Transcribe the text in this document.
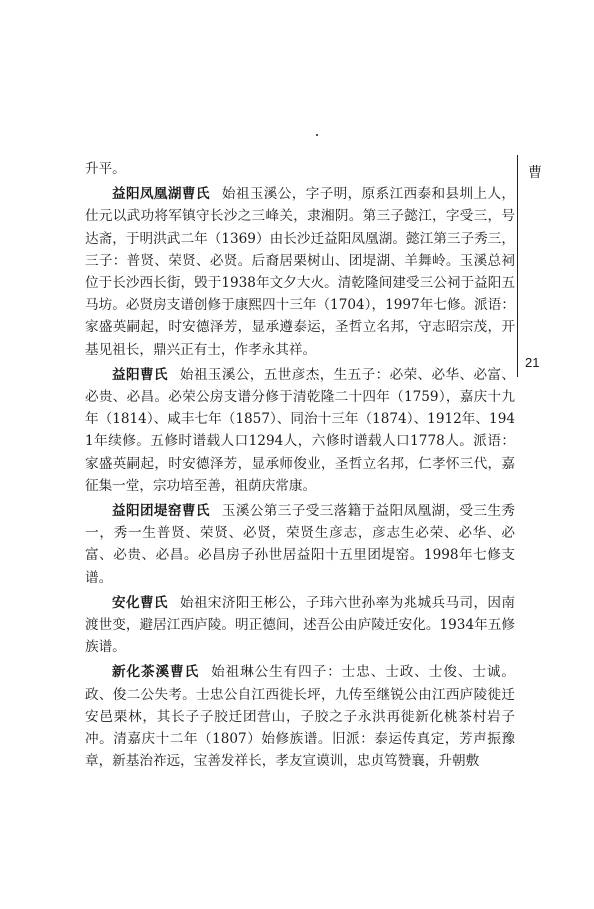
曹
21

升平。

益阳凤凰湖曹氏 始祖玉溪公，字子明，原系江西泰和县圳上人，仕元以武功将军镇守长沙之三峰关，隶湘阴。第三子懿江，字受三，号达斋，于明洪武二年（1369）由长沙迁益阳凤凰湖。懿江第三子秀三，三子：普贤、荣贤、必贤。后裔居栗树山、团堤湖、羊舞岭。玉溪总祠位于长沙西长街，毁于1938年文夕大火。清乾隆间建受三公祠于益阳五马坊。必贤房支谱创修于康熙四十三年（1704），1997年七修。派语：家盛英嗣起，时安德泽芳，显承遵泰运，圣哲立名邦，守志昭宗茂，开基见祖长，鼎兴正有士，作孝永其祥。

益阳曹氏 始祖玉溪公，五世彦杰，生五子：必荣、必华、必富、必贵、必昌。必荣公房支谱分修于清乾隆二十四年（1759），嘉庆十九年（1814）、咸丰七年（1857）、同治十三年（1874）、1912年、1941年续修。五修时谱载人口1294人，六修时谱载人口1778人。派语：家盛英嗣起，时安德泽芳，显承师俊业，圣哲立名邦，仁孝怀三代，嘉征集一堂，宗功培至善，祖荫庆常康。

益阳团堤窑曹氏 玉溪公第三子受三落籍于益阳凤凰湖，受三生秀一，秀一生普贤、荣贤、必贤，荣贤生彦志，彦志生必荣、必华、必富、必贵、必昌。必昌房子孙世居益阳十五里团堤窑。1998年七修支谱。

安化曹氏 始祖宋济阳王彬公，子玮六世孙率为兆城兵马司，因南渡世变，避居江西庐陵。明正德间，述吾公由庐陵迁安化。1934年五修族谱。

新化茶溪曹氏 始祖琳公生有四子：士忠、士政、士俊、士诚。政、俊二公失考。士忠公自江西徙长坪，九传至继锐公由江西庐陵徙迁安邑栗林，其长子子胶迁团营山，子胶之子永洪再徙新化桃茶村岩子冲。清嘉庆十二年（1807）始修族谱。旧派：泰运传真定，芳声振豫章，新基治祚远，宝善发祥长，孝友宣谟训，忠贞笃赞襄，升朝敷
